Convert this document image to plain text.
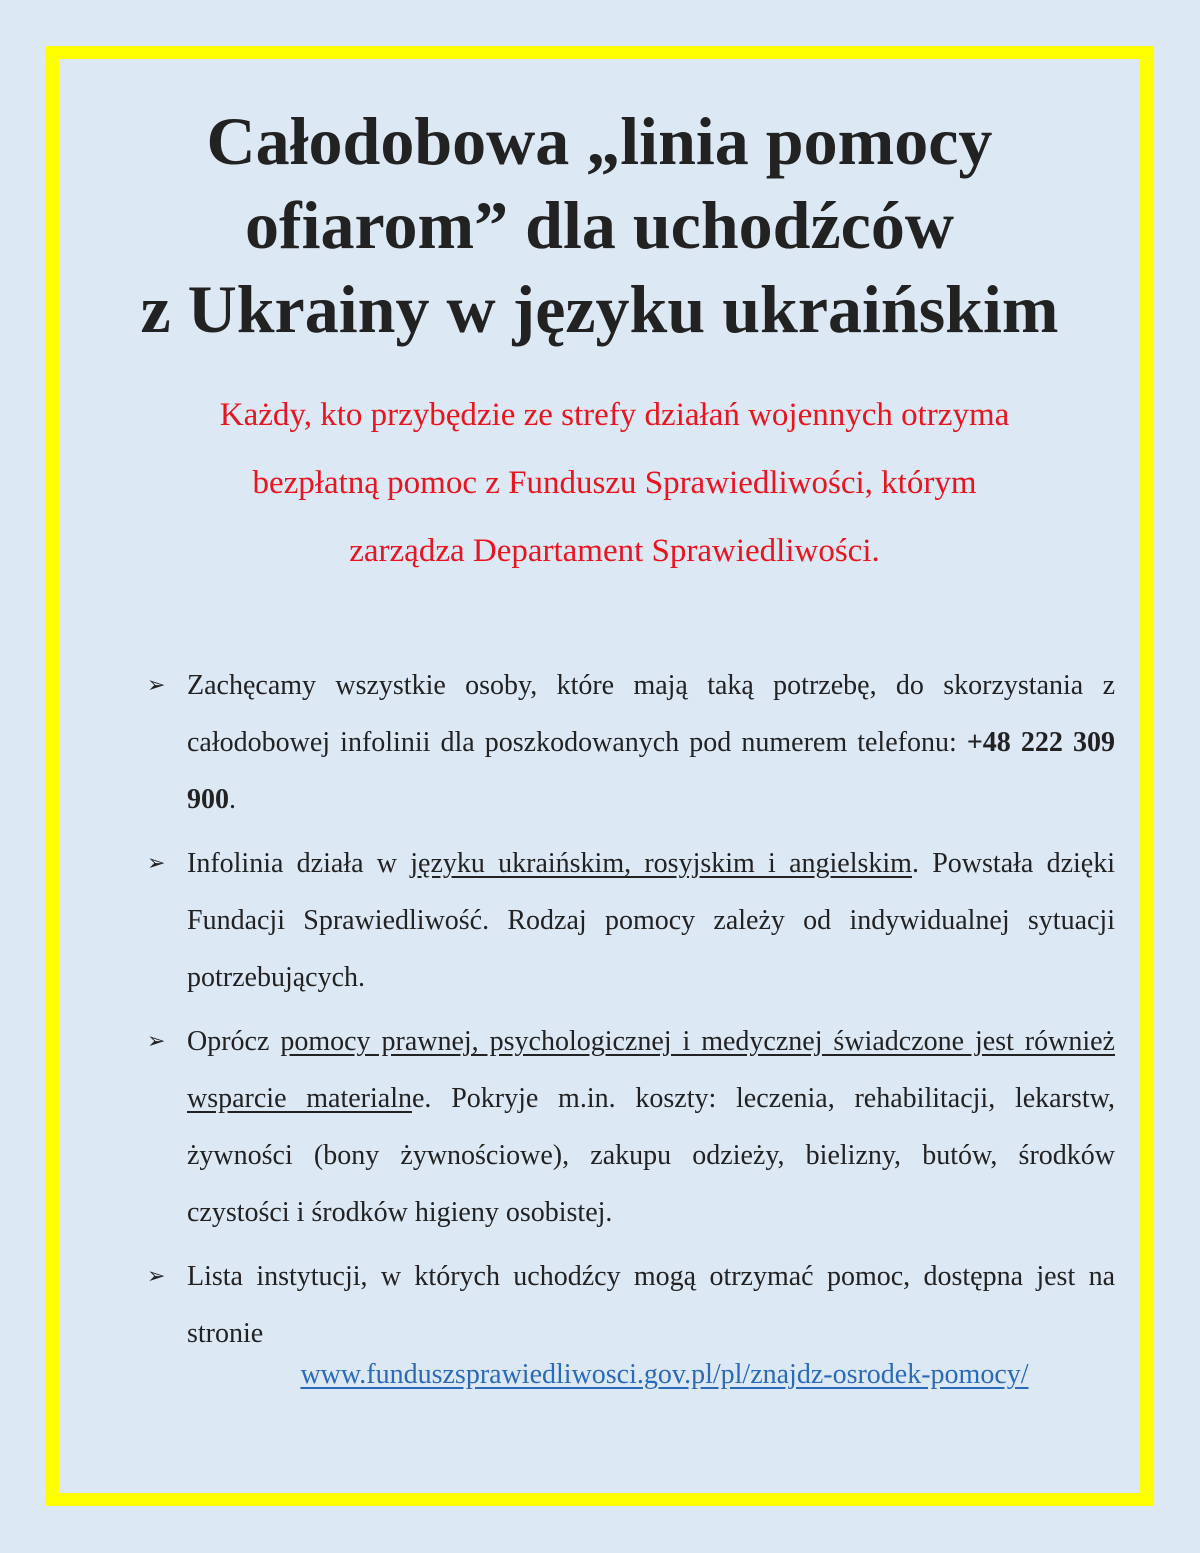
Całodobowa „linia pomocy
ofiarom” dla uchodźców
z Ukrainy w języku ukraińskim
Każdy, kto przybędzie ze strefy działań wojennych otrzyma
bezpłatną pomoc z Funduszu Sprawiedliwości, którym
zarządza Departament Sprawiedliwości.
➢ Zachęcamy wszystkie osoby, które mają taką potrzebę, do skorzystania z całodobowej infolinii dla poszkodowanych pod numerem telefonu: +48 222 309 900.
➢ Infolinia działa w języku ukraińskim, rosyjskim i angielskim. Powstała dzięki Fundacji Sprawiedliwość. Rodzaj pomocy zależy od indywidualnej sytuacji potrzebujących.
➢ Oprócz pomocy prawnej, psychologicznej i medycznej świadczone jest również wsparcie materialne. Pokryje m.in. koszty: leczenia, rehabilitacji, lekarstw, żywności (bony żywnościowe), zakupu odzieży, bielizny, butów, środków czystości i środków higieny osobistej.
➢ Lista instytucji, w których uchodźcy mogą otrzymać pomoc, dostępna jest na stronie
www.funduszsprawiedliwosci.gov.pl/pl/znajdz-osrodek-pomocy/
